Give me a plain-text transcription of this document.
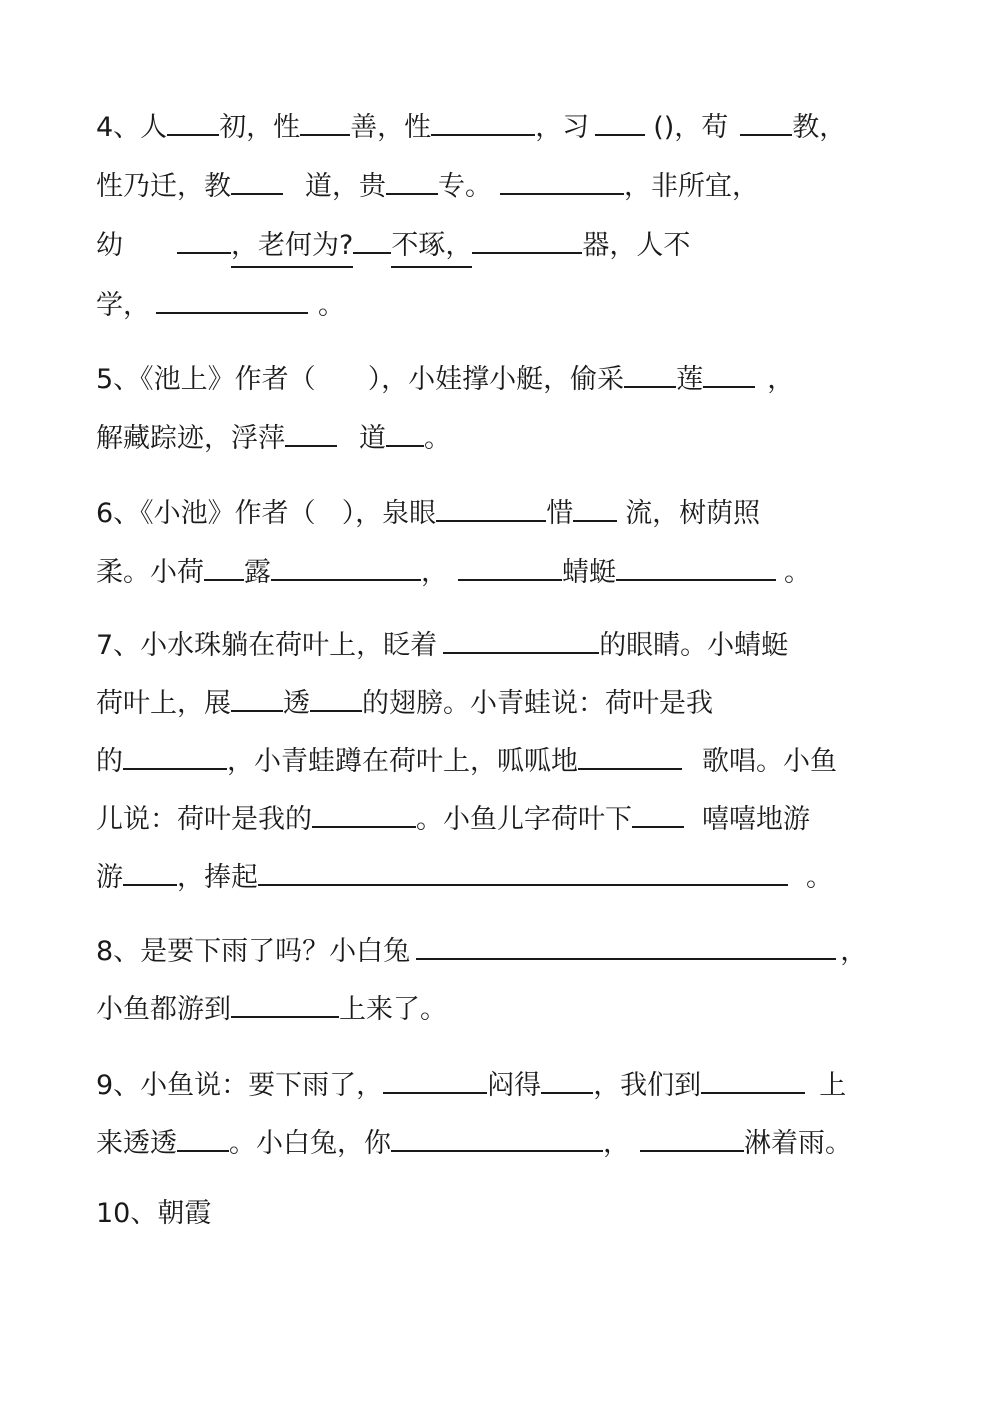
4、人 初，性 善，性	，习 ()，苟 教，
性乃迁，教	道，贵 专。	，非所宜，
幼	，老何为? 不琢，	器，人不
学，	。
5、《池上》作者（ ），小娃撑小艇，偷采 莲 ，
解藏踪迹，浮萍	道 。
6、《小池》作者（ ），泉眼	惜 流，树荫照
柔。小荷 露	，	蜻蜓	。
7、小水珠躺在荷叶上，眨着	的眼睛。小蜻蜓
荷叶上，展 透 的翅膀。小青蛙说：荷叶是我
的	，小青蛙蹲在荷叶上，呱呱地	歌唱。小鱼
儿说：荷叶是我的	。小鱼儿字荷叶下	嘻嘻地游
游 ，捧起	。
8、是要下雨了吗？小白兔	，
小鱼都游到	上来了。
9、小鱼说：要下雨了，	闷得 ，我们到	上
来透透 。小白兔，你	，	淋着雨。
10、朝霞
